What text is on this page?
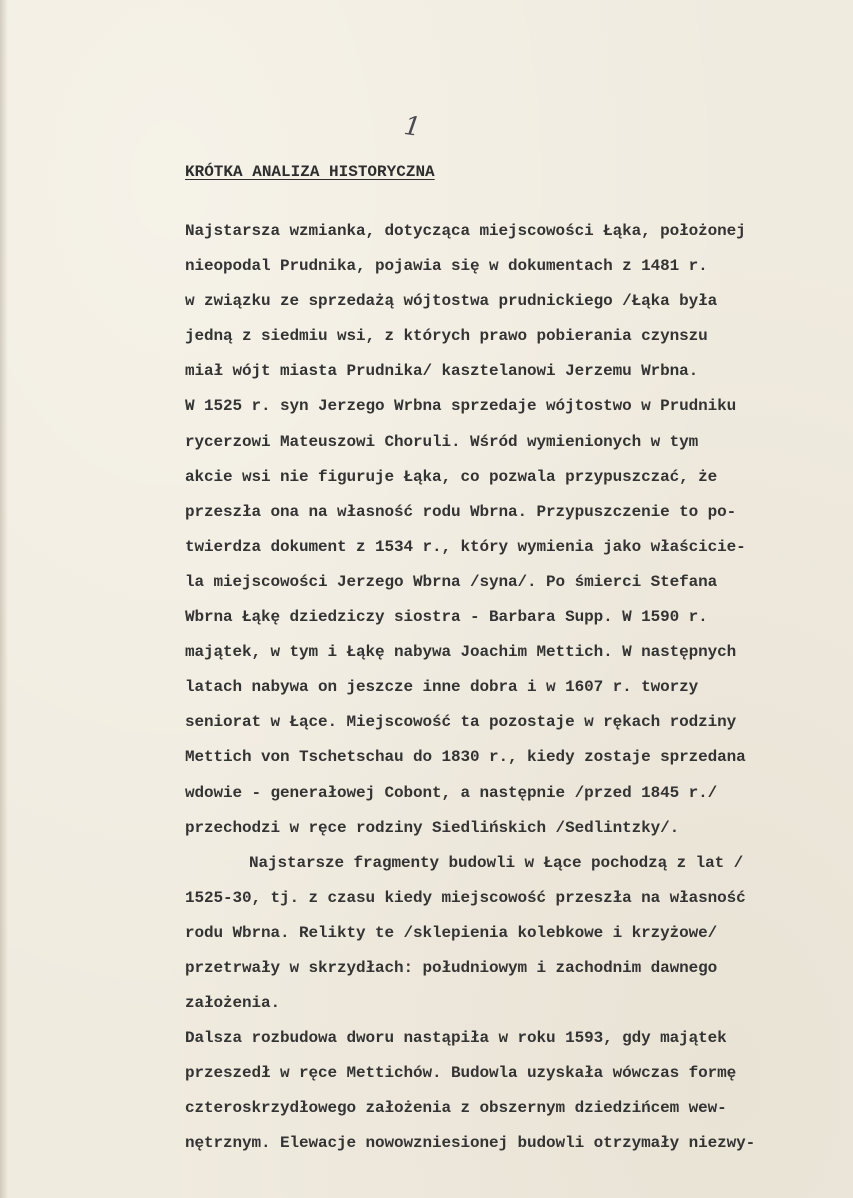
1
KRÓTKA ANALIZA HISTORYCZNA
Najstarsza wzmianka, dotycząca miejscowości Łąka, położonej
nieopodal Prudnika, pojawia się w dokumentach z 1481 r.
w związku ze sprzedażą wójtostwa prudnickiego /Łąka była
jedną z siedmiu wsi, z których prawo pobierania czynszu
miał wójt miasta Prudnika/ kasztelanowi Jerzemu Wrbna.
W 1525 r. syn Jerzego Wrbna sprzedaje wójtostwo w Prudniku
rycerzowi Mateuszowi Choruli. Wśród wymienionych w tym
akcie wsi nie figuruje Łąka, co pozwala przypuszczać, że
przeszła ona na własność rodu Wbrna. Przypuszczenie to po-
twierdza dokument z 1534 r., który wymienia jako właściciе-
la miejscowości Jerzego Wbrna /syna/. Po śmierci Stefana
Wbrna Łąkę dziedziczy siostra - Barbara Supp. W 1590 r.
majątek, w tym i Łąkę nabywa Joachim Mettich. W następnych
latach nabywa on jeszcze inne dobra i w 1607 r. tworzy
seniorat w Łące. Miejscowość ta pozostaje w rękach rodziny
Mettich von Tschetschau do 1830 r., kiedy zostaje sprzedana
wdowie - generałowej Cobont, a następnie /przed 1845 r./
przechodzi w ręce rodziny Siedlińskich /Sedlintzky/.
Najstarsze fragmenty budowli w Łące pochodzą z lat /
1525-30, tj. z czasu kiedy miejscowość przeszła na własność
rodu Wbrna. Relikty te /sklepienia kolebkowe i krzyżowe/
przetrwały w skrzydłach: południowym i zachodnim dawnego
założenia.
Dalsza rozbudowa dworu nastąpiła w roku 1593, gdy majątek
przeszedł w ręce Mettichów. Budowla uzyskała wówczas formę
czteroskrzydłowego założenia z obszernym dziedzińcem wew-
nętrznym. Elewacje nowowzniesionej budowli otrzymały niezwy-
